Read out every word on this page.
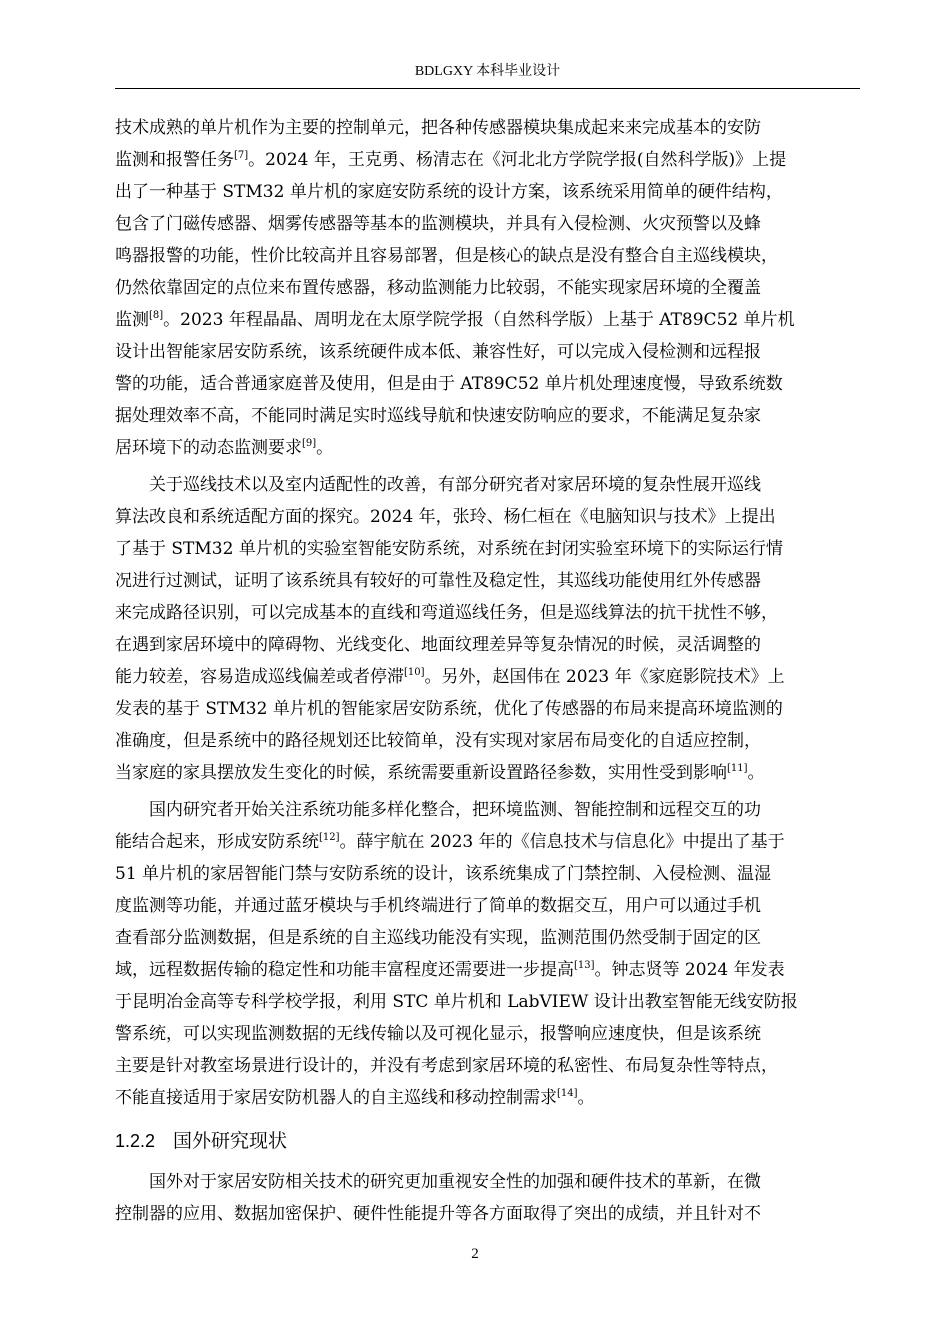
BDLGXY 本科毕业设计
技术成熟的单片机作为主要的控制单元，把各种传感器模块集成起来来完成基本的安防
监测和报警任务[7]。2024 年，王克勇、杨清志在《河北北方学院学报(自然科学版)》上提
出了一种基于 STM32 单片机的家庭安防系统的设计方案，该系统采用简单的硬件结构，
包含了门磁传感器、烟雾传感器等基本的监测模块，并具有入侵检测、火灾预警以及蜂
鸣器报警的功能，性价比较高并且容易部署，但是核心的缺点是没有整合自主巡线模块，
仍然依靠固定的点位来布置传感器，移动监测能力比较弱，不能实现家居环境的全覆盖
监测[8]。2023 年程晶晶、周明龙在太原学院学报（自然科学版）上基于 AT89C52 单片机
设计出智能家居安防系统，该系统硬件成本低、兼容性好，可以完成入侵检测和远程报
警的功能，适合普通家庭普及使用，但是由于 AT89C52 单片机处理速度慢，导致系统数
据处理效率不高，不能同时满足实时巡线导航和快速安防响应的要求，不能满足复杂家
居环境下的动态监测要求[9]。
关于巡线技术以及室内适配性的改善，有部分研究者对家居环境的复杂性展开巡线
算法改良和系统适配方面的探究。2024 年，张玲、杨仁桓在《电脑知识与技术》上提出
了基于 STM32 单片机的实验室智能安防系统，对系统在封闭实验室环境下的实际运行情
况进行过测试，证明了该系统具有较好的可靠性及稳定性，其巡线功能使用红外传感器
来完成路径识别，可以完成基本的直线和弯道巡线任务，但是巡线算法的抗干扰性不够，
在遇到家居环境中的障碍物、光线变化、地面纹理差异等复杂情况的时候，灵活调整的
能力较差，容易造成巡线偏差或者停滞[10]。另外，赵国伟在 2023 年《家庭影院技术》上
发表的基于 STM32 单片机的智能家居安防系统，优化了传感器的布局来提高环境监测的
准确度，但是系统中的路径规划还比较简单，没有实现对家居布局变化的自适应控制，
当家庭的家具摆放发生变化的时候，系统需要重新设置路径参数，实用性受到影响[11]。
国内研究者开始关注系统功能多样化整合，把环境监测、智能控制和远程交互的功
能结合起来，形成安防系统[12]。薛宇航在 2023 年的《信息技术与信息化》中提出了基于
51 单片机的家居智能门禁与安防系统的设计，该系统集成了门禁控制、入侵检测、温湿
度监测等功能，并通过蓝牙模块与手机终端进行了简单的数据交互，用户可以通过手机
查看部分监测数据，但是系统的自主巡线功能没有实现，监测范围仍然受制于固定的区
域，远程数据传输的稳定性和功能丰富程度还需要进一步提高[13]。钟志贤等 2024 年发表
于昆明冶金高等专科学校学报，利用 STC 单片机和 LabVIEW 设计出教室智能无线安防报
警系统，可以实现监测数据的无线传输以及可视化显示，报警响应速度快，但是该系统
主要是针对教室场景进行设计的，并没有考虑到家居环境的私密性、布局复杂性等特点，
不能直接适用于家居安防机器人的自主巡线和移动控制需求[14]。
1.2.2 国外研究现状
国外对于家居安防相关技术的研究更加重视安全性的加强和硬件技术的革新，在微
控制器的应用、数据加密保护、硬件性能提升等各方面取得了突出的成绩，并且针对不
2
